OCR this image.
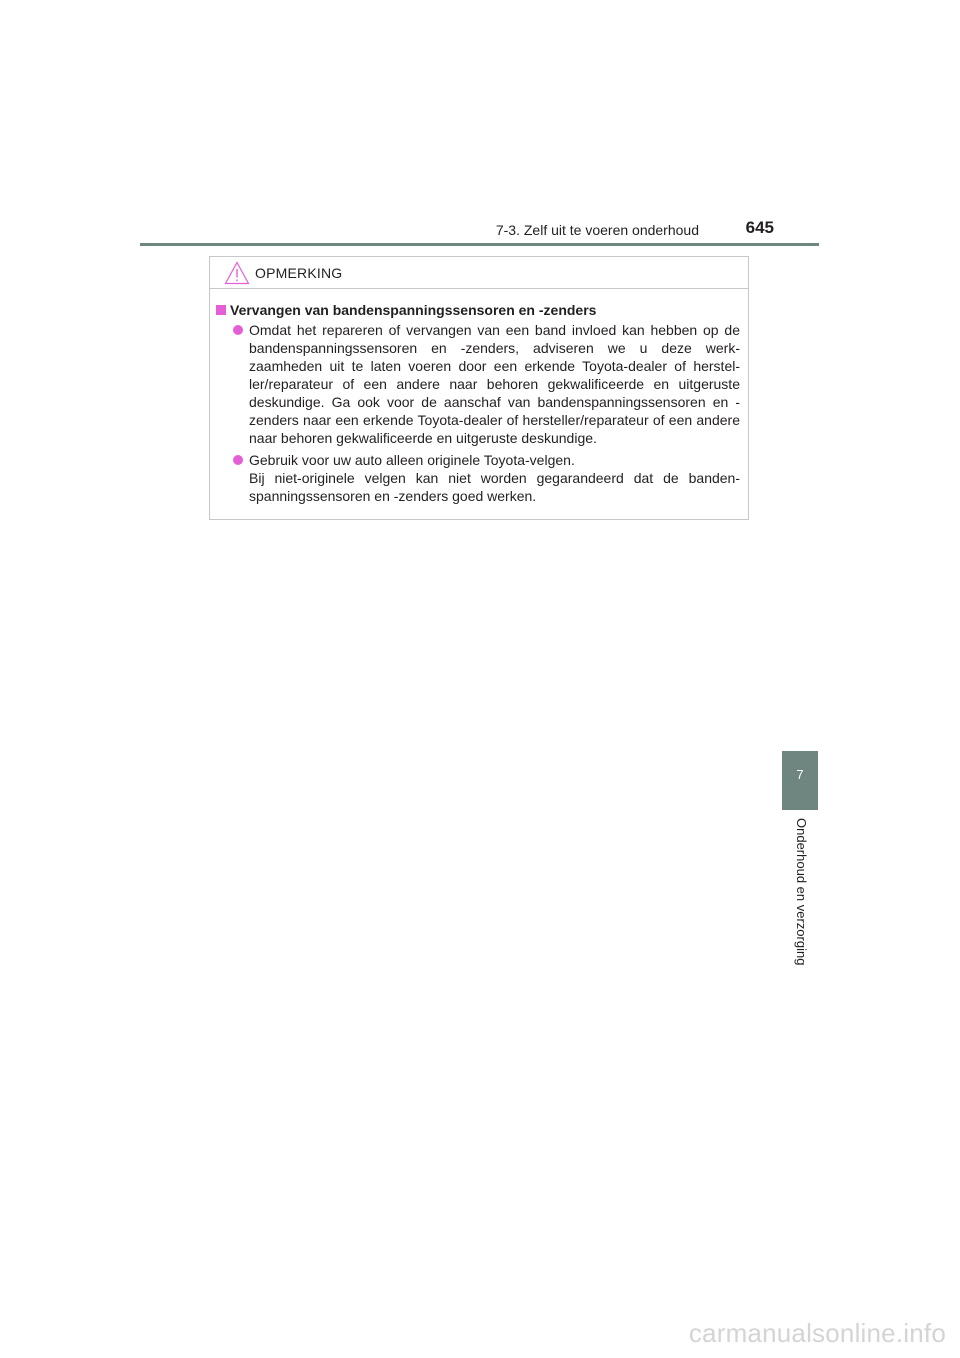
7-3. Zelf uit te voeren onderhoud	645
OPMERKING
Vervangen van bandenspanningssensoren en -zenders

Omdat het repareren of vervangen van een band invloed kan hebben op de bandenspanningssensoren en -zenders, adviseren we u deze werk-zaamheden uit te laten voeren door een erkende Toyota-dealer of herstel-ler/reparateur of een andere naar behoren gekwalificeerde en uitgeruste deskundige. Ga ook voor de aanschaf van bandenspanningssensoren en -zenders naar een erkende Toyota-dealer of hersteller/reparateur of een andere naar behoren gekwalificeerde en uitgeruste deskundige.

Gebruik voor uw auto alleen originele Toyota-velgen.

Bij niet-originele velgen kan niet worden gegarandeerd dat de banden-spanningssensoren en -zenders goed werken.

7
Onderhoud en verzorging
carmanualsonline.info
